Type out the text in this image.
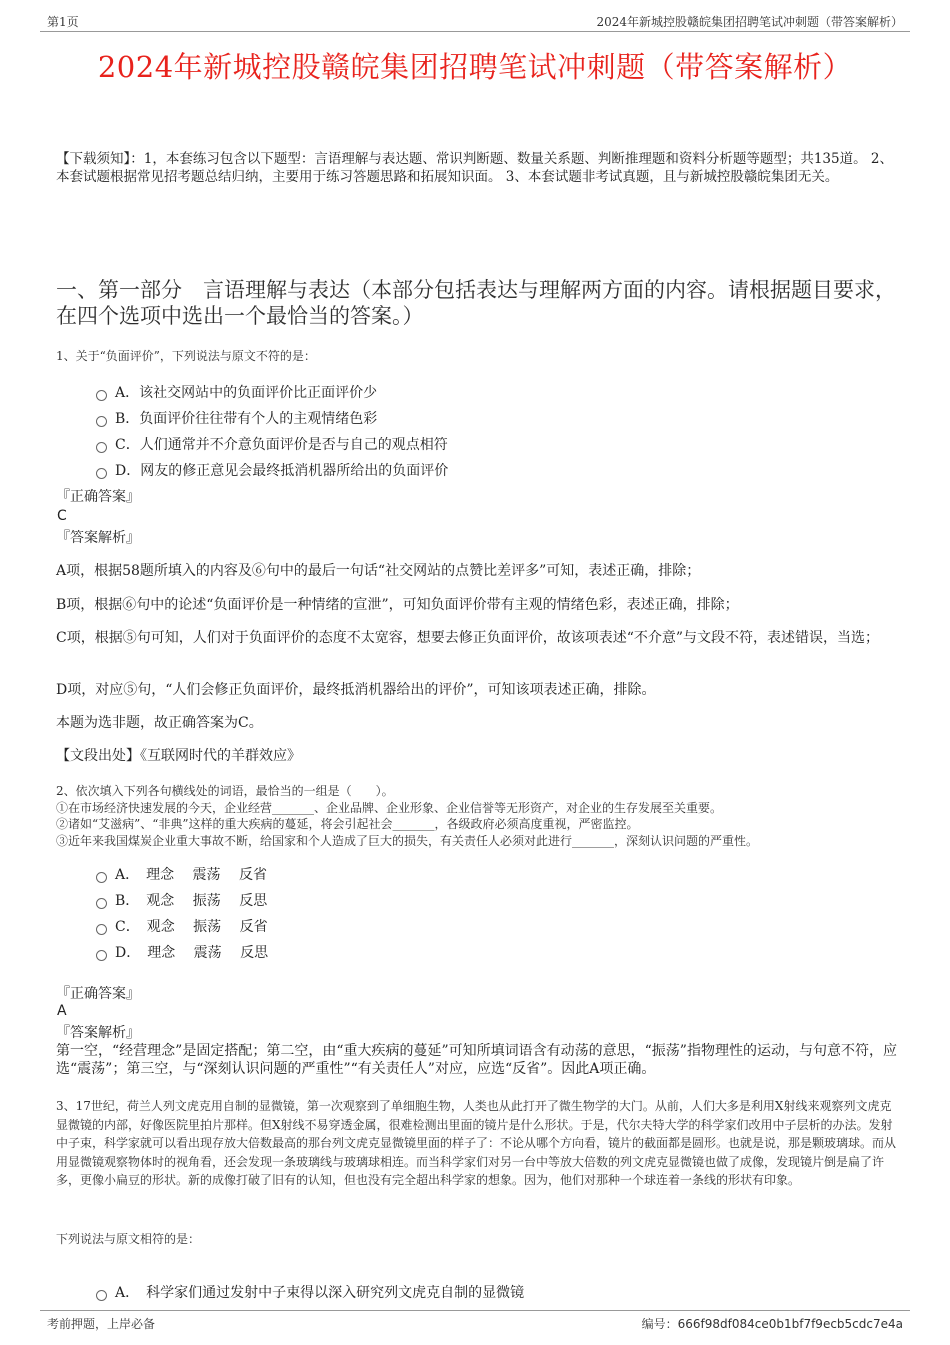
第1页	2024年新城控股赣皖集团招聘笔试冲刺题（带答案解析）
2024年新城控股赣皖集团招聘笔试冲刺题（带答案解析）
【下载须知】：1，本套练习包含以下题型：言语理解与表达题、常识判断题、数量关系题、判断推理题和资料分析题等题型；共135道。 2、本套试题根据常见招考题总结归纳，主要用于练习答题思路和拓展知识面。 3、本套试题非考试真题，且与新城控股赣皖集团无关。
一、第一部分　言语理解与表达（本部分包括表达与理解两方面的内容。请根据题目要求，在四个选项中选出一个最恰当的答案。）
1、关于“负面评价”，下列说法与原文不符的是：
A．该社交网站中的负面评价比正面评价少
B．负面评价往往带有个人的主观情绪色彩
C．人们通常并不介意负面评价是否与自己的观点相符
D．网友的修正意见会最终抵消机器所给出的负面评价
『正确答案』
C
『答案解析』
A项，根据58题所填入的内容及⑥句中的最后一句话“社交网站的点赞比差评多”可知，表述正确，排除；
B项，根据⑥句中的论述“负面评价是一种情绪的宣泄”，可知负面评价带有主观的情绪色彩，表述正确，排除；
C项，根据⑤句可知，人们对于负面评价的态度不太宽容，想要去修正负面评价，故该项表述“不介意”与文段不符，表述错误，当选；
D项，对应⑤句，“人们会修正负面评价，最终抵消机器给出的评价”，可知该项表述正确，排除。
本题为选非题，故正确答案为C。
【文段出处】《互联网时代的羊群效应》
2、依次填入下列各句横线处的词语，最恰当的一组是（　　）。
①在市场经济快速发展的今天，企业经营_______、企业品牌、企业形象、企业信誉等无形资产，对企业的生存发展至关重要。
②诸如“艾滋病”、“非典”这样的重大疾病的蔓延，将会引起社会_______，各级政府必须高度重视，严密监控。
③近年来我国煤炭企业重大事故不断，给国家和个人造成了巨大的损失，有关责任人必须对此进行_______，深刻认识问题的严重性。
A．　理念　 震荡　 反省
B．　观念　 振荡　 反思
C．　观念　 振荡　 反省
D．　理念　 震荡　 反思
『正确答案』
A
『答案解析』
第一空，“经营理念”是固定搭配；第二空，由“重大疾病的蔓延”可知所填词语含有动荡的意思，“振荡”指物理性的运动，与句意不符，应选“震荡”；第三空，与“深刻认识问题的严重性”“有关责任人”对应，应选“反省”。因此A项正确。
3、17世纪，荷兰人列文虎克用自制的显微镜，第一次观察到了单细胞生物，人类也从此打开了微生物学的大门。从前，人们大多是利用X射线来观察列文虎克显微镜的内部，好像医院里拍片那样。但X射线不易穿透金属，很难检测出里面的镜片是什么形状。于是，代尔夫特大学的科学家们改用中子层析的办法。发射中子束，科学家就可以看出现存放大倍数最高的那台列文虎克显微镜里面的样子了：不论从哪个方向看，镜片的截面都是圆形。也就是说，那是颗玻璃球。而从用显微镜观察物体时的视角看，还会发现一条玻璃线与玻璃球相连。而当科学家们对另一台中等放大倍数的列文虎克显微镜也做了成像，发现镜片倒是扁了许多，更像小扁豆的形状。新的成像打破了旧有的认知，但也没有完全超出科学家的想象。因为，他们对那种一个球连着一条线的形状有印象。
下列说法与原文相符的是：
A．　科学家们通过发射中子束得以深入研究列文虎克自制的显微镜
考前押题，上岸必备	编号：666f98df084ce0b1bf7f9ecb5cdc7e4a
